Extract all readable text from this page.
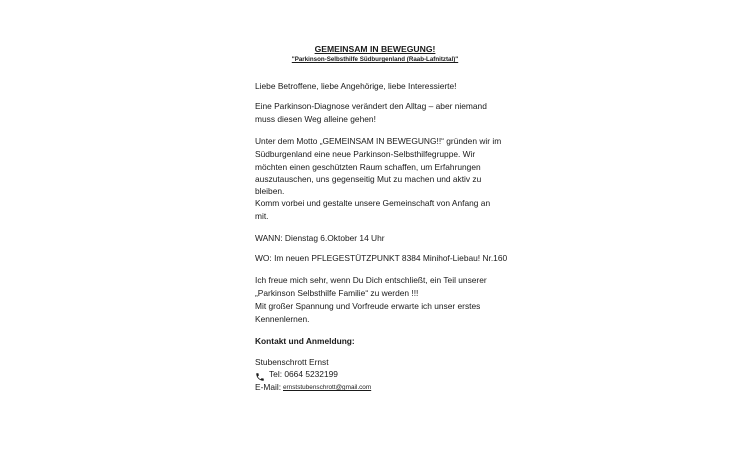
GEMEINSAM IN BEWEGUNG!
"Parkinson-Selbsthilfe Südburgenland (Raab-Lafnitztal)"
Liebe Betroffene, liebe Angehörige, liebe Interessierte!
Eine Parkinson-Diagnose verändert den Alltag – aber niemand
muss diesen Weg alleine gehen!
Unter dem Motto „GEMEINSAM IN BEWEGUNG!!“ gründen wir im
Südburgenland eine neue Parkinson-Selbsthilfegruppe. Wir
möchten einen geschützten Raum schaffen, um Erfahrungen
auszutauschen, uns gegenseitig Mut zu machen und aktiv zu
bleiben.
Komm vorbei und gestalte unsere Gemeinschaft von Anfang an
mit.
WANN: Dienstag 6.Oktober 14 Uhr
WO: Im neuen PFLEGESTÜTZPUNKT 8384 Minihof-Liebau! Nr.160
Ich freue mich sehr, wenn Du Dich entschließt, ein Teil unserer
„Parkinson Selbsthilfe Familie“ zu werden !!!
Mit großer Spannung und Vorfreude erwarte ich unser erstes
Kennenlernen.
Kontakt und Anmeldung:
Stubenschrott Ernst
Tel: 0664 5232199
E-Mail: ernststubenschrott@gmail.com
